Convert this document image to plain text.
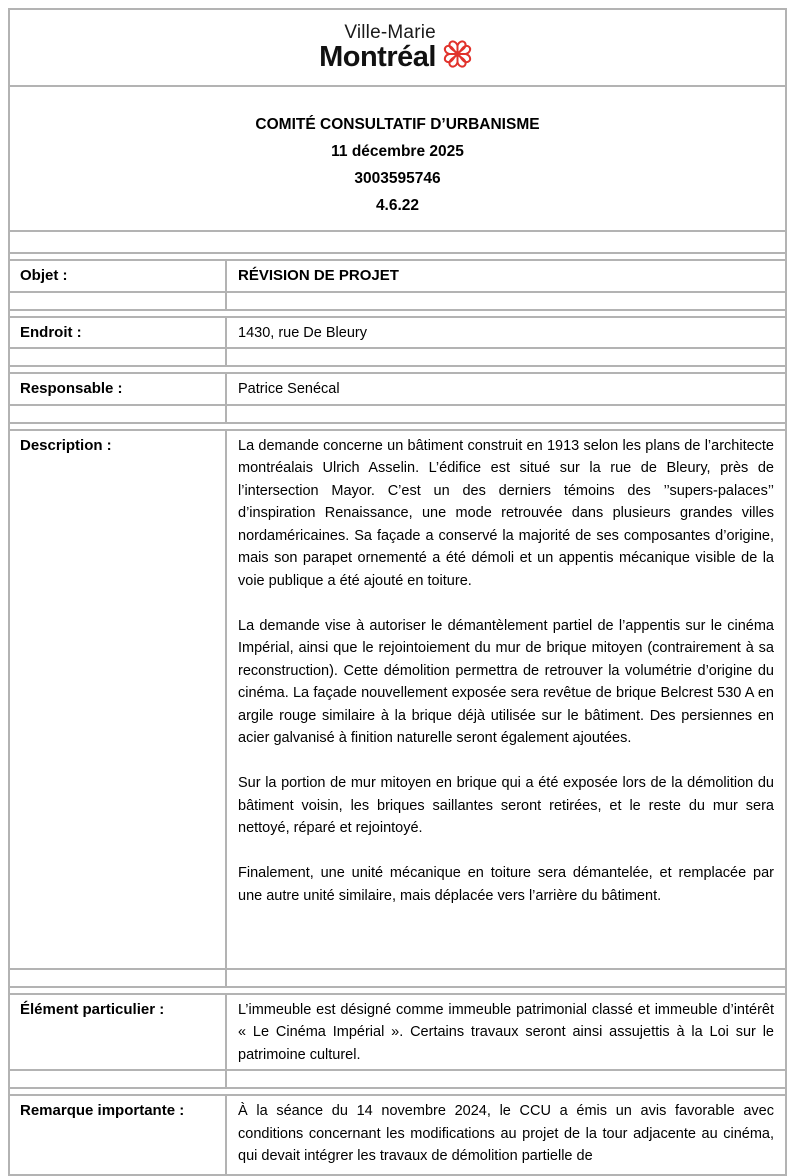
Ville-Marie
Montréal
COMITÉ CONSULTATIF D’URBANISME
11 décembre 2025
3003595746
4.6.22
Objet :	RÉVISION DE PROJET
Endroit :	1430, rue De Bleury
Responsable :	Patrice Senécal
Description :	La demande concerne un bâtiment construit en 1913 selon les plans de l’architecte montréalais Ulrich Asselin. L’édifice est situé sur la rue de Bleury, près de l’intersection Mayor. C’est un des derniers témoins des ’’supers-palaces’’ d’inspiration Renaissance, une mode retrouvée dans plusieurs grandes villes nordaméricaines. Sa façade a conservé la majorité de ses composantes d’origine, mais son parapet ornementé a été démoli et un appentis mécanique visible de la voie publique a été ajouté en toiture.

La demande vise à autoriser le démantèlement partiel de l’appentis sur le cinéma Impérial, ainsi que le rejointoiement du mur de brique mitoyen (contrairement à sa reconstruction). Cette démolition permettra de retrouver la volumétrie d’origine du cinéma. La façade nouvellement exposée sera revêtue de brique Belcrest 530 A en argile rouge similaire à la brique déjà utilisée sur le bâtiment. Des persiennes en acier galvanisé à finition naturelle seront également ajoutées.

Sur la portion de mur mitoyen en brique qui a été exposée lors de la démolition du bâtiment voisin, les briques saillantes seront retirées, et le reste du mur sera nettoyé, réparé et rejointoyé.

Finalement, une unité mécanique en toiture sera démantelée, et remplacée par une autre unité similaire, mais déplacée vers l’arrière du bâtiment.

Élément particulier :	L’immeuble est désigné comme immeuble patrimonial classé et immeuble d’intérêt « Le Cinéma Impérial ». Certains travaux seront ainsi assujettis à la Loi sur le patrimoine culturel.

Remarque importante :	À la séance du 14 novembre 2024, le CCU a émis un avis favorable avec conditions concernant les modifications au projet de la tour adjacente au cinéma, qui devait intégrer les travaux de démolition partielle de
